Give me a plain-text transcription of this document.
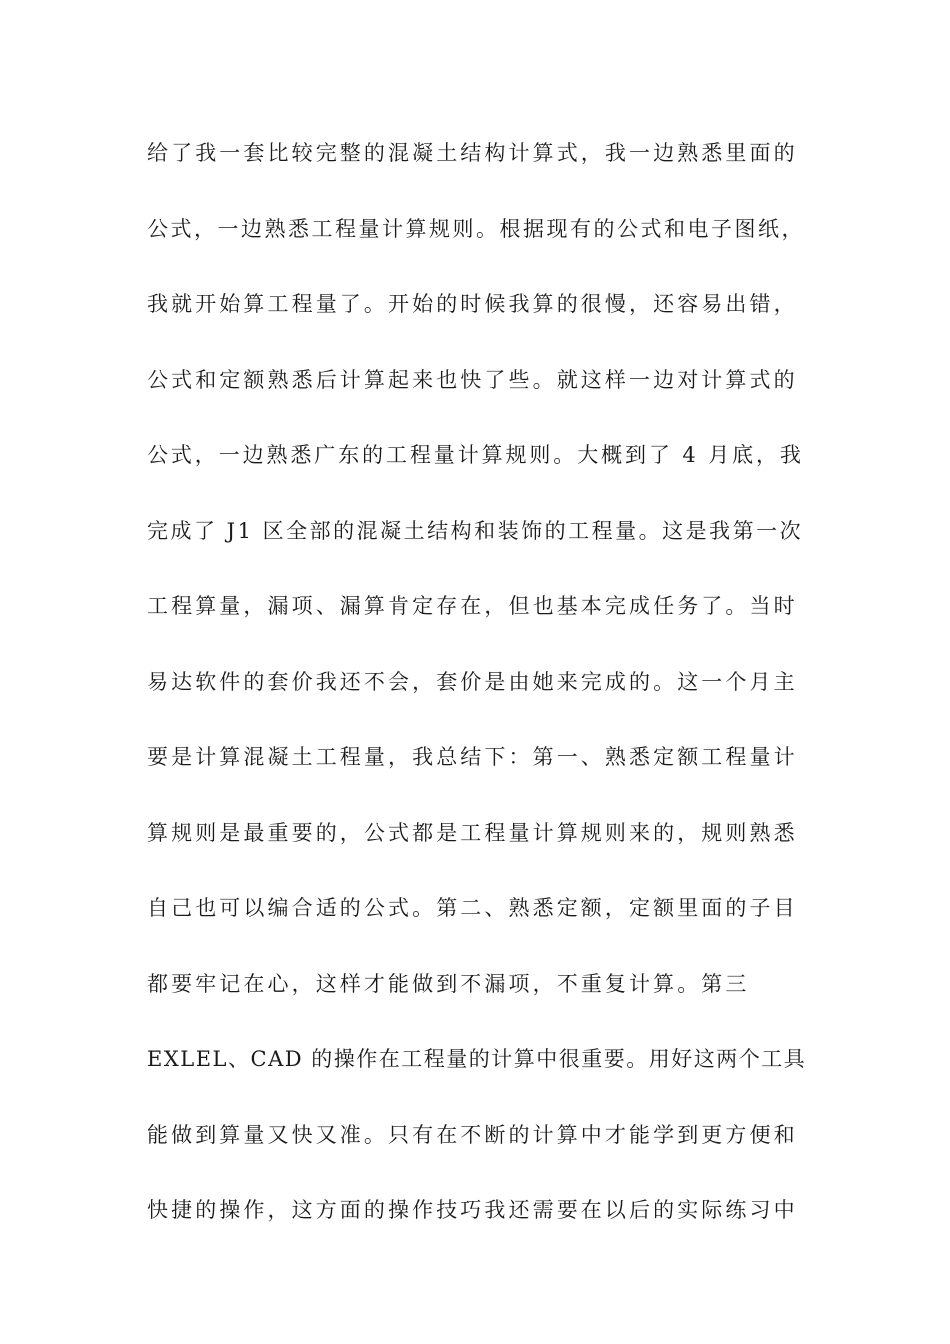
给了我一套比较完整的混凝土结构计算式，我一边熟悉里面的
公式，一边熟悉工程量计算规则。根据现有的公式和电子图纸，
我就开始算工程量了。开始的时候我算的很慢，还容易出错，
公式和定额熟悉后计算起来也快了些。就这样一边对计算式的
公式，一边熟悉广东的工程量计算规则。大概到了 4 月底，我
完成了 J1 区全部的混凝土结构和装饰的工程量。这是我第一次
工程算量，漏项、漏算肯定存在，但也基本完成任务了。当时
易达软件的套价我还不会，套价是由她来完成的。这一个月主
要是计算混凝土工程量，我总结下：第一、熟悉定额工程量计
算规则是最重要的，公式都是工程量计算规则来的，规则熟悉
自己也可以编合适的公式。第二、熟悉定额，定额里面的子目
都要牢记在心，这样才能做到不漏项，不重复计算。第三
EXLEL、CAD 的操作在工程量的计算中很重要。用好这两个工具
能做到算量又快又准。只有在不断的计算中才能学到更方便和
快捷的操作，这方面的操作技巧我还需要在以后的实际练习中
